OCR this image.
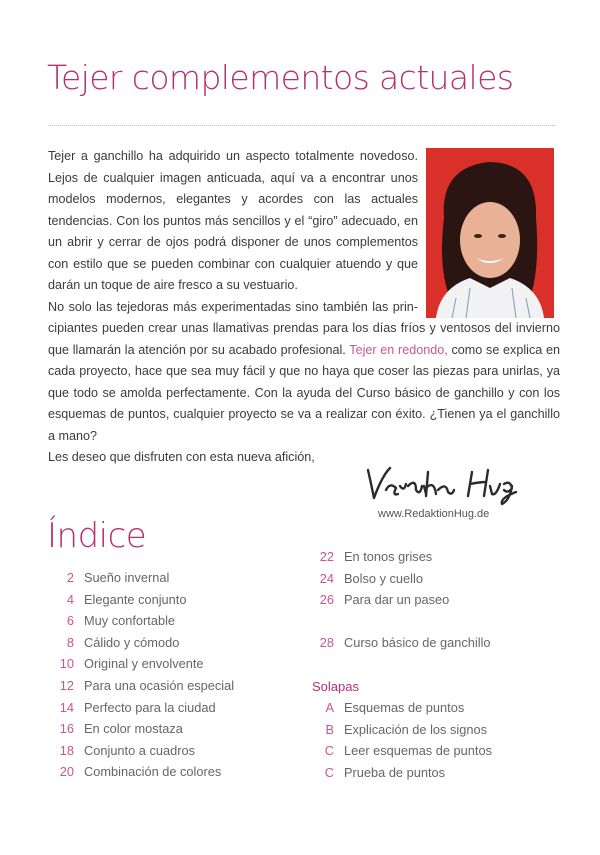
Tejer complementos actuales

Tejer a ganchillo ha adquirido un aspecto totalmente novedoso. Lejos de cualquier imagen anticuada, aquí va a encontrar unos modelos modernos, elegantes y acordes con las actuales tendencias. Con los puntos más sencillos y el “giro” adecuado, en un abrir y cerrar de ojos podrá disponer de unos complementos con estilo que se pueden combinar con cualquier atuendo y que darán un toque de aire fresco a su vestuario.

No solo las tejedoras más experimentadas sino también las prin-
cipiantes pueden crear unas llamativas prendas para los días fríos y ventosos del invierno que llamarán la atención por su acabado profesional. Tejer en redondo, como se explica en cada proyecto, hace que sea muy fácil y que no haya que coser las piezas para unirlas, ya que todo se amolda perfectamente. Con la ayuda del Curso básico de ganchillo y con los esquemas de puntos, cualquier proyecto se va a realizar con éxito. ¿Tienen ya el ganchillo a mano?

Les deseo que disfruten con esta nueva afición,

www.RedaktionHug.de
Índice
2 Sueño invernal
4 Elegante conjunto
6 Muy confortable
8 Cálido y cómodo
10 Original y envolvente
12 Para una ocasión especial
14 Perfecto para la ciudad
16 En color mostaza
18 Conjunto a cuadros
20 Combinación de colores
22 En tonos grises
24 Bolso y cuello
26 Para dar un paseo
28 Curso básico de ganchillo
Solapas
A Esquemas de puntos
B Explicación de los signos
C Leer esquemas de puntos
C Prueba de puntos
